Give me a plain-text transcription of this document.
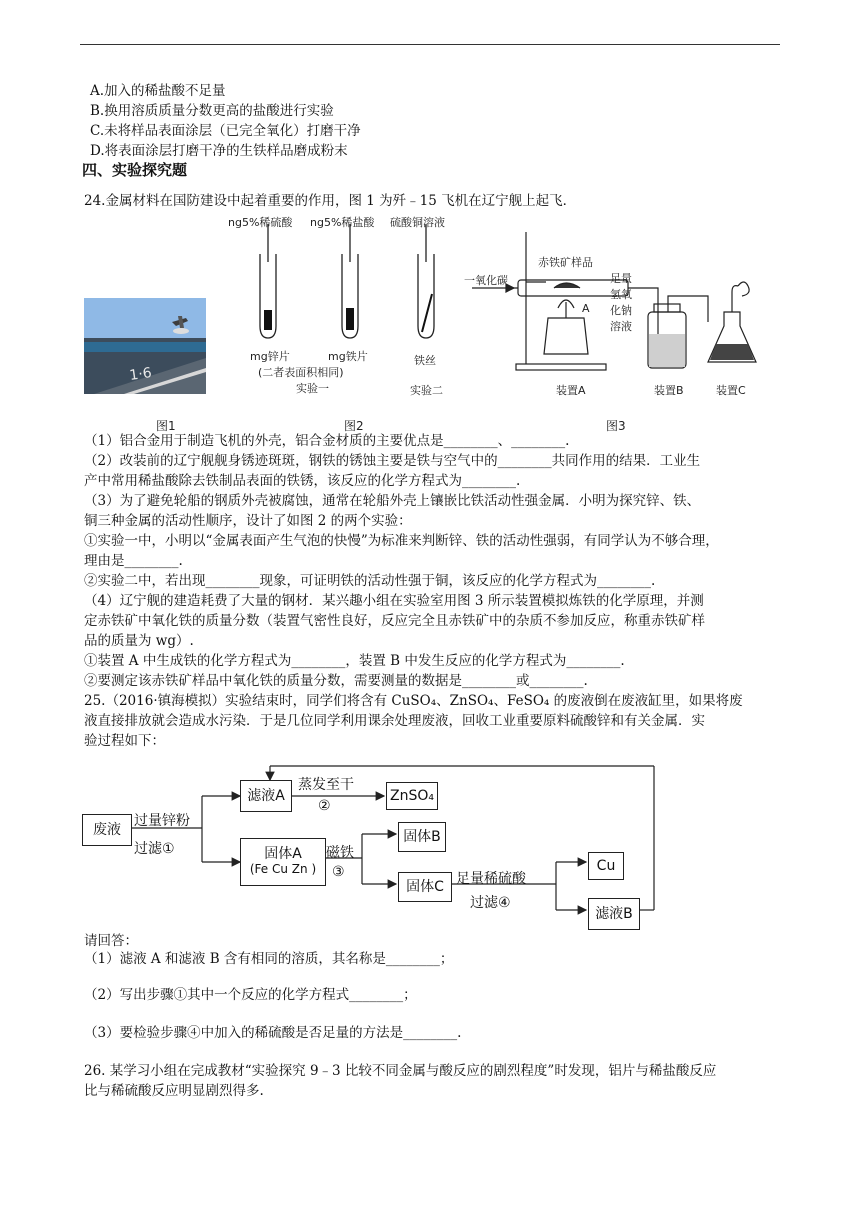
A.加入的稀盐酸不足量
B.换用溶质质量分数更高的盐酸进行实验
C.未将样品表面涂层（已完全氧化）打磨干净
D.将表面涂层打磨干净的生铁样品磨成粉末
四、实验探究题
24.金属材料在国防建设中起着重要的作用，图 1 为歼﹣15 飞机在辽宁舰上起飞．
1·6
图1
ng5%稀硫酸 ng5%稀盐酸 硫酸铜溶液
mg锌片	mg铁片
(二者表面积相同)
实验一
铁丝
实验二
图2
一氧化碳
赤铁矿样品
A
足量
氢氧
化钠
溶液
装置A	装置B	装置C
图3
（1）铝合金用于制造飞机的外壳，铝合金材质的主要优点是________、________.
（2）改装前的辽宁舰舰身锈迹斑斑，钢铁的锈蚀主要是铁与空气中的________共同作用的结果．工业生
产中常用稀盐酸除去铁制品表面的铁锈，该反应的化学方程式为________.
（3）为了避免轮船的钢质外壳被腐蚀，通常在轮船外壳上镶嵌比铁活动性强金属．小明为探究锌、铁、
铜三种金属的活动性顺序，设计了如图 2 的两个实验：
①实验一中，小明以“金属表面产生气泡的快慢”为标准来判断锌、铁的活动性强弱，有同学认为不够合理，
理由是________.
②实验二中，若出现________现象，可证明铁的活动性强于铜，该反应的化学方程式为________.
（4）辽宁舰的建造耗费了大量的钢材．某兴趣小组在实验室用图 3 所示装置模拟炼铁的化学原理，并测
定赤铁矿中氧化铁的质量分数（装置气密性良好，反应完全且赤铁矿中的杂质不参加反应，称重赤铁矿样
品的质量为 wg）.
①装置 A 中生成铁的化学方程式为________，装置 B 中发生反应的化学方程式为________.
②要测定该赤铁矿样品中氧化铁的质量分数，需要测量的数据是________或________.
25.（2016·镇海模拟）实验结束时，同学们将含有 CuSO₄、ZnSO₄、FeSO₄ 的废液倒在废液缸里，如果将废
液直接排放就会造成水污染．于是几位同学利用课余处理废液，回收工业重要原料硫酸锌和有关金属．实
验过程如下：
废液
滤液A	ZnSO₄
固体A
(Fe Cu Zn )
固体B
固体C
Cu
滤液B
过量锌粉
过滤①
蒸发至干
②
磁铁
③	足量稀硫酸
过滤④
请回答：
（1）滤液 A 和滤液 B 含有相同的溶质，其名称是________；
（2）写出步骤①其中一个反应的化学方程式________；
（3）要检验步骤④中加入的稀硫酸是否足量的方法是________.
26. 某学习小组在完成教材“实验探究 9﹣3 比较不同金属与酸反应的剧烈程度”时发现，铝片与稀盐酸反应
比与稀硫酸反应明显剧烈得多.
